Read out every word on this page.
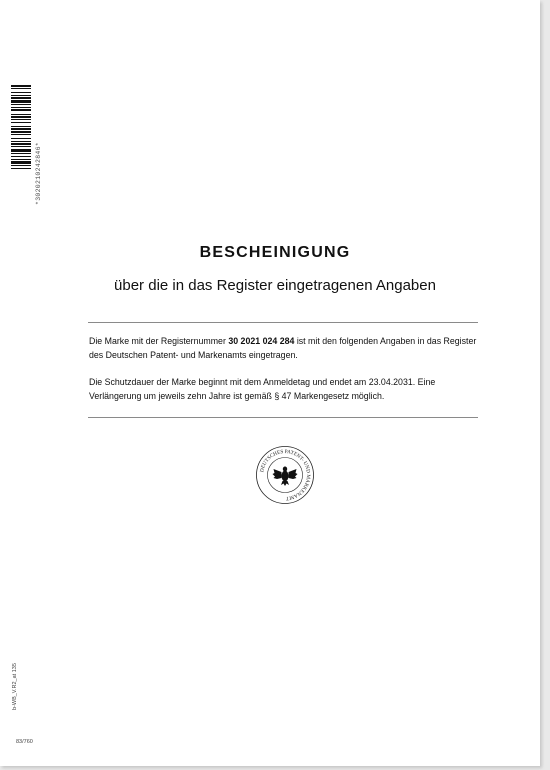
*3020210242846*
BESCHEINIGUNG
über die in das Register eingetragenen Angaben
Die Marke mit der Registernummer 30 2021 024 284 ist mit den folgenden Angaben in das Register des Deutschen Patent- und Markenamts eingetragen.
Die Schutzdauer der Marke beginnt mit dem Anmeldetag und endet am 23.04.2031. Eine Verlängerung um jeweils zehn Jahre ist gemäß § 47 Markengesetz möglich.
DEUTSCHES PATENT- UND MARKENAMT
b-WB_V.R2_at 135
83/760
